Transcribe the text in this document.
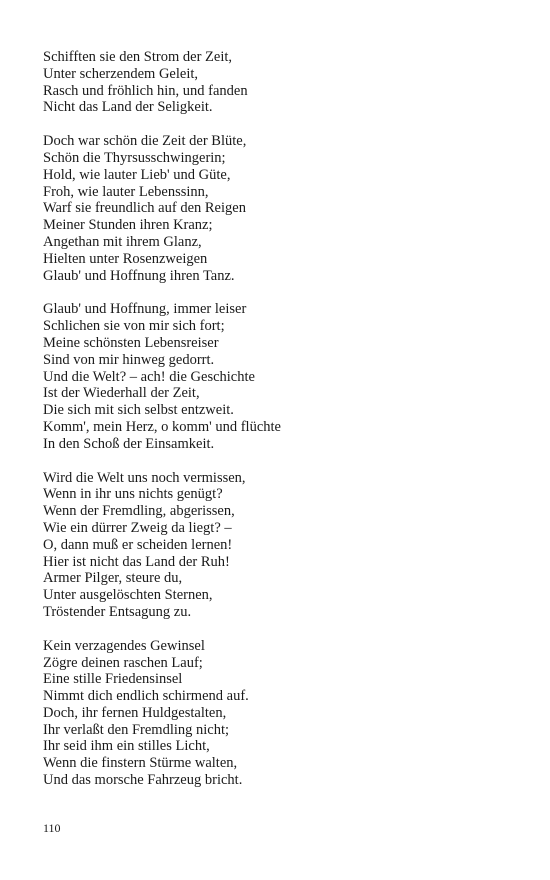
Schifften sie den Strom der Zeit,
Unter scherzendem Geleit,
Rasch und fröhlich hin, und fanden
Nicht das Land der Seligkeit.
Doch war schön die Zeit der Blüte,
Schön die Thyrsusschwingerin;
Hold, wie lauter Lieb' und Güte,
Froh, wie lauter Lebenssinn,
Warf sie freundlich auf den Reigen
Meiner Stunden ihren Kranz;
Angethan mit ihrem Glanz,
Hielten unter Rosenzweigen
Glaub' und Hoffnung ihren Tanz.
Glaub' und Hoffnung, immer leiser
Schlichen sie von mir sich fort;
Meine schönsten Lebensreiser
Sind von mir hinweg gedorrt.
Und die Welt? – ach! die Geschichte
Ist der Wiederhall der Zeit,
Die sich mit sich selbst entzweit.
Komm', mein Herz, o komm' und flüchte
In den Schoß der Einsamkeit.
Wird die Welt uns noch vermissen,
Wenn in ihr uns nichts genügt?
Wenn der Fremdling, abgerissen,
Wie ein dürrer Zweig da liegt? –
O, dann muß er scheiden lernen!
Hier ist nicht das Land der Ruh!
Armer Pilger, steure du,
Unter ausgelöschten Sternen,
Tröstender Entsagung zu.
Kein verzagendes Gewinsel
Zögre deinen raschen Lauf;
Eine stille Friedensinsel
Nimmt dich endlich schirmend auf.
Doch, ihr fernen Huldgestalten,
Ihr verlaßt den Fremdling nicht;
Ihr seid ihm ein stilles Licht,
Wenn die finstern Stürme walten,
Und das morsche Fahrzeug bricht.
110
